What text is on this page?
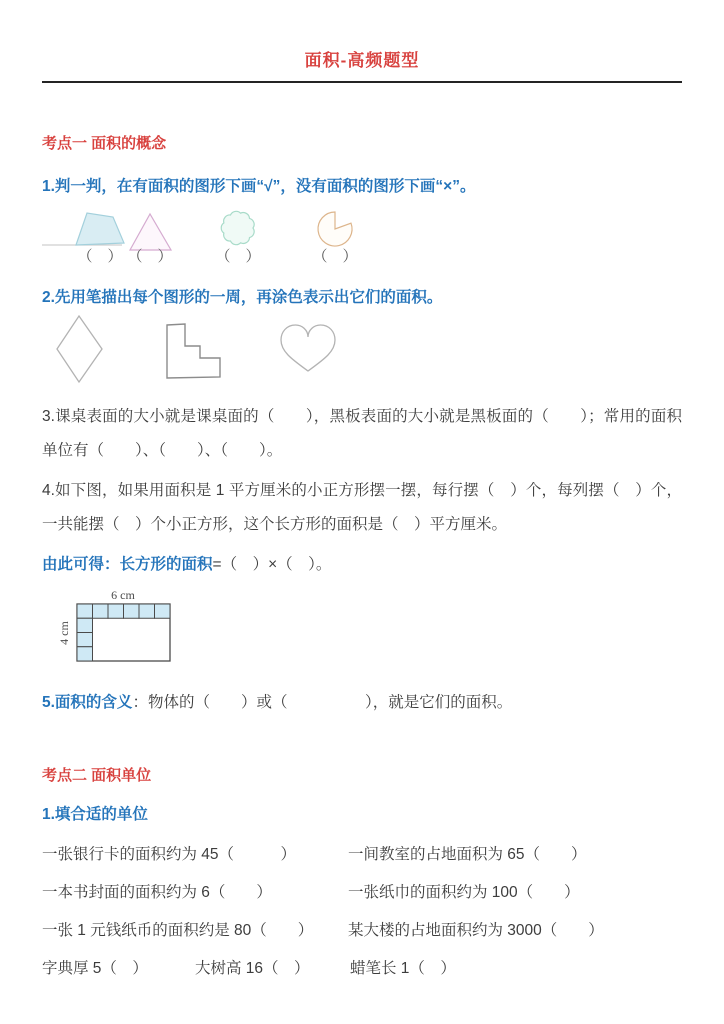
面积-高频题型
考点一 面积的概念
1.判一判，在有面积的图形下画“√”，没有面积的图形下画“×”。
（　） （　）	（　）	（　）
2.先用笔描出每个图形的一周，再涂色表示出它们的面积。
3.课桌表面的大小就是课桌面的（　　），黑板表面的大小就是黑板面的（　　）；常用的面积单位有（　　）、（　　）、（　　）。
4.如下图，如果用面积是 1 平方厘米的小正方形摆一摆，每行摆（　）个，每列摆（　）个，一共能摆（　）个小正方形，这个长方形的面积是（　）平方厘米。
由此可得：长方形的面积=（　）×（　）。
6 cm
4 cm
5.面积的含义：物体的（　　）或（　　　　　），就是它们的面积。
考点二 面积单位
1.填合适的单位
一张银行卡的面积约为 45（　　　）	一间教室的占地面积为 65（　　）
一本书封面的面积约为 6（　　）	一张纸巾的面积约为 100（　　）
一张 1 元钱纸币的面积约是 80（　　）	某大楼的占地面积约为 3000（　　）
字典厚 5（　）	大树高 16（　）	蜡笔长 1（　）
